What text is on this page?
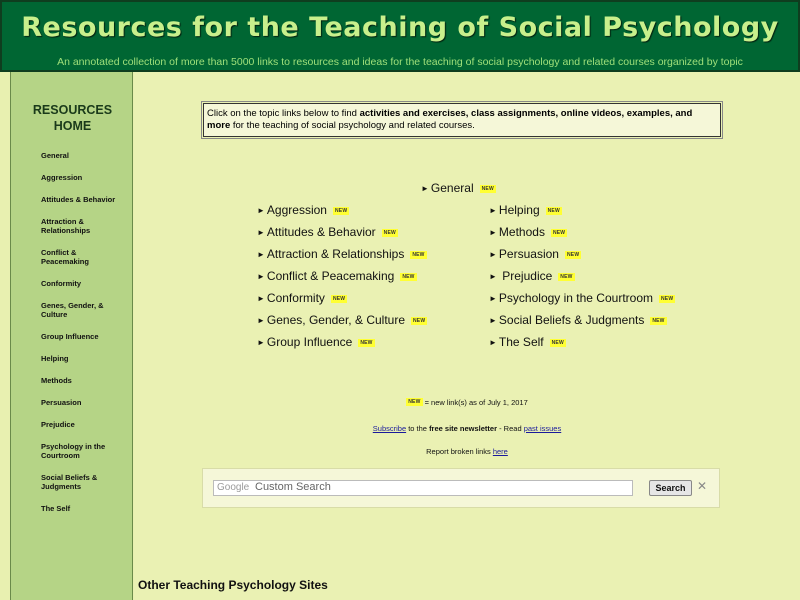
Resources for the Teaching of Social Psychology
An annotated collection of more than 5000 links to resources and ideas for the teaching of social psychology and related courses organized by topic
RESOURCES
HOME
General
Aggression
Attitudes & Behavior
Attraction & Relationships
Conflict & Peacemaking
Conformity
Genes, Gender, & Culture
Group Influence
Helping
Methods
Persuasion
Prejudice
Psychology in the Courtroom
Social Beliefs & Judgments
The Self
Click on the topic links below to find activities and exercises, class assignments, online videos, examples, and more for the teaching of social psychology and related courses.
► General NEW
► Aggression NEW
► Attitudes & Behavior NEW
► Attraction & Relationships NEW
► Conflict & Peacemaking NEW
► Conformity NEW
► Genes, Gender, & Culture NEW
► Group Influence NEW
► Helping NEW
► Methods NEW
► Persuasion NEW
► Prejudice NEW
► Psychology in the Courtroom NEW
► Social Beliefs & Judgments NEW
► The Self NEW
NEW = new link(s) as of July 1, 2017
Subscribe to the free site newsletter - Read past issues
Report broken links here
Google Custom Search	Search ✕
Other Teaching Psychology Sites
